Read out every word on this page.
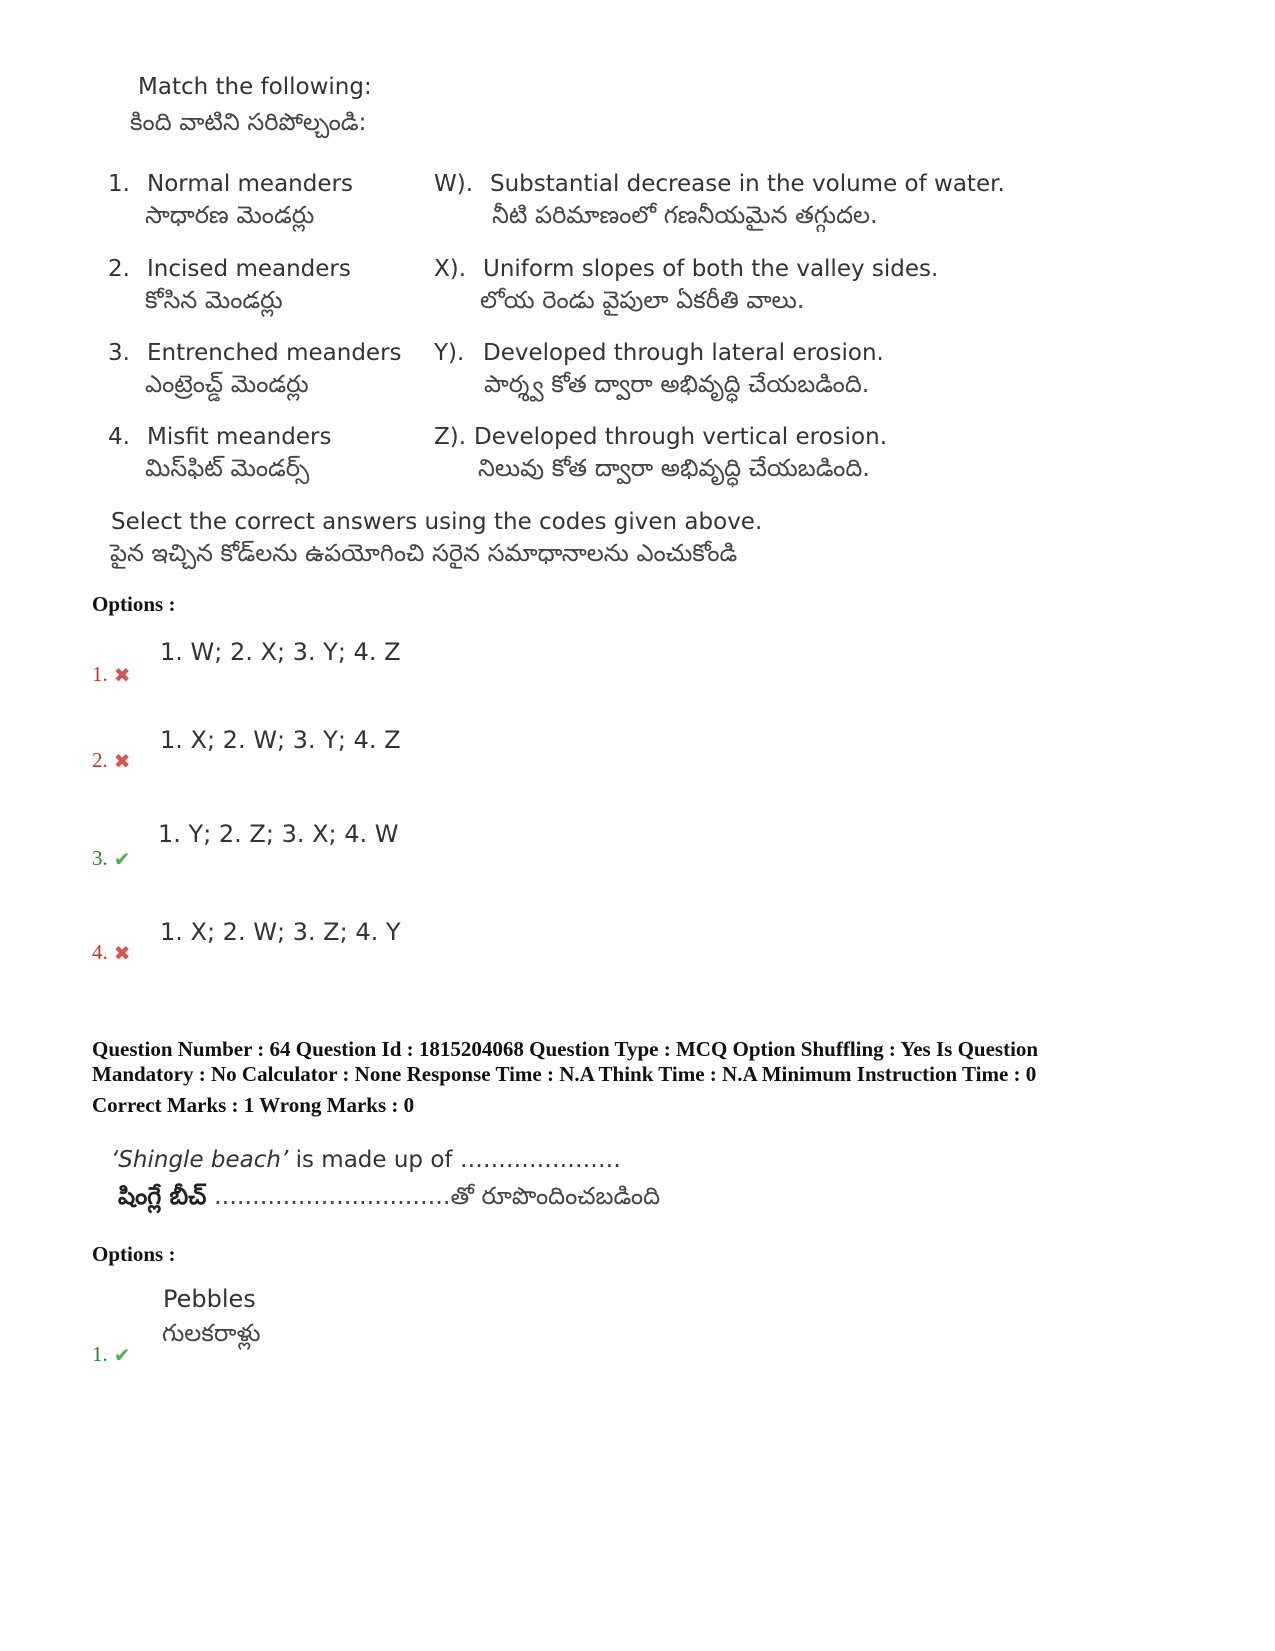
Match the following:
కింది వాటిని సరిపోల్చండి:
1. Normal meanders
సాధారణ మెండర్లు
2. Incised meanders
కోసిన మెండర్లు
3. Entrenched meanders
ఎంట్రెంచ్డ్ మెండర్లు
4. Misfit meanders
మిస్‌ఫిట్ మెండర్స్
W). Substantial decrease in the volume of water.
నీటి పరిమాణంలో గణనీయమైన తగ్గుదల.
X). Uniform slopes of both the valley sides.
లోయ రెండు వైపులా ఏకరీతి వాలు.
Y). Developed through lateral erosion.
పార్శ్వ కోత ద్వారా అభివృద్ధి చేయబడింది.
Z). Developed through vertical erosion.
నిలువు కోత ద్వారా అభివృద్ధి చేయబడింది.
Select the correct answers using the codes given above.
పైన ఇచ్చిన కోడ్‌లను ఉపయోగించి సరైన సమాధానాలను ఎంచుకోండి
Options :
1. W; 2. X; 3. Y; 4. Z
1. ✖
1. X; 2. W; 3. Y; 4. Z
2. ✖
1. Y; 2. Z; 3. X; 4. W
3. ✔
1. X; 2. W; 3. Z; 4. Y
4. ✖
Question Number : 64 Question Id : 1815204068 Question Type : MCQ Option Shuffling : Yes Is Question
Mandatory : No Calculator : None Response Time : N.A Think Time : N.A Minimum Instruction Time : 0
Correct Marks : 1 Wrong Marks : 0
‘Shingle beach’ is made up of …………………
షింగ్లే బీచ్ ...............................తో రూపొందించబడింది
Options :
Pebbles
గులకరాళ్లు
1. ✔
